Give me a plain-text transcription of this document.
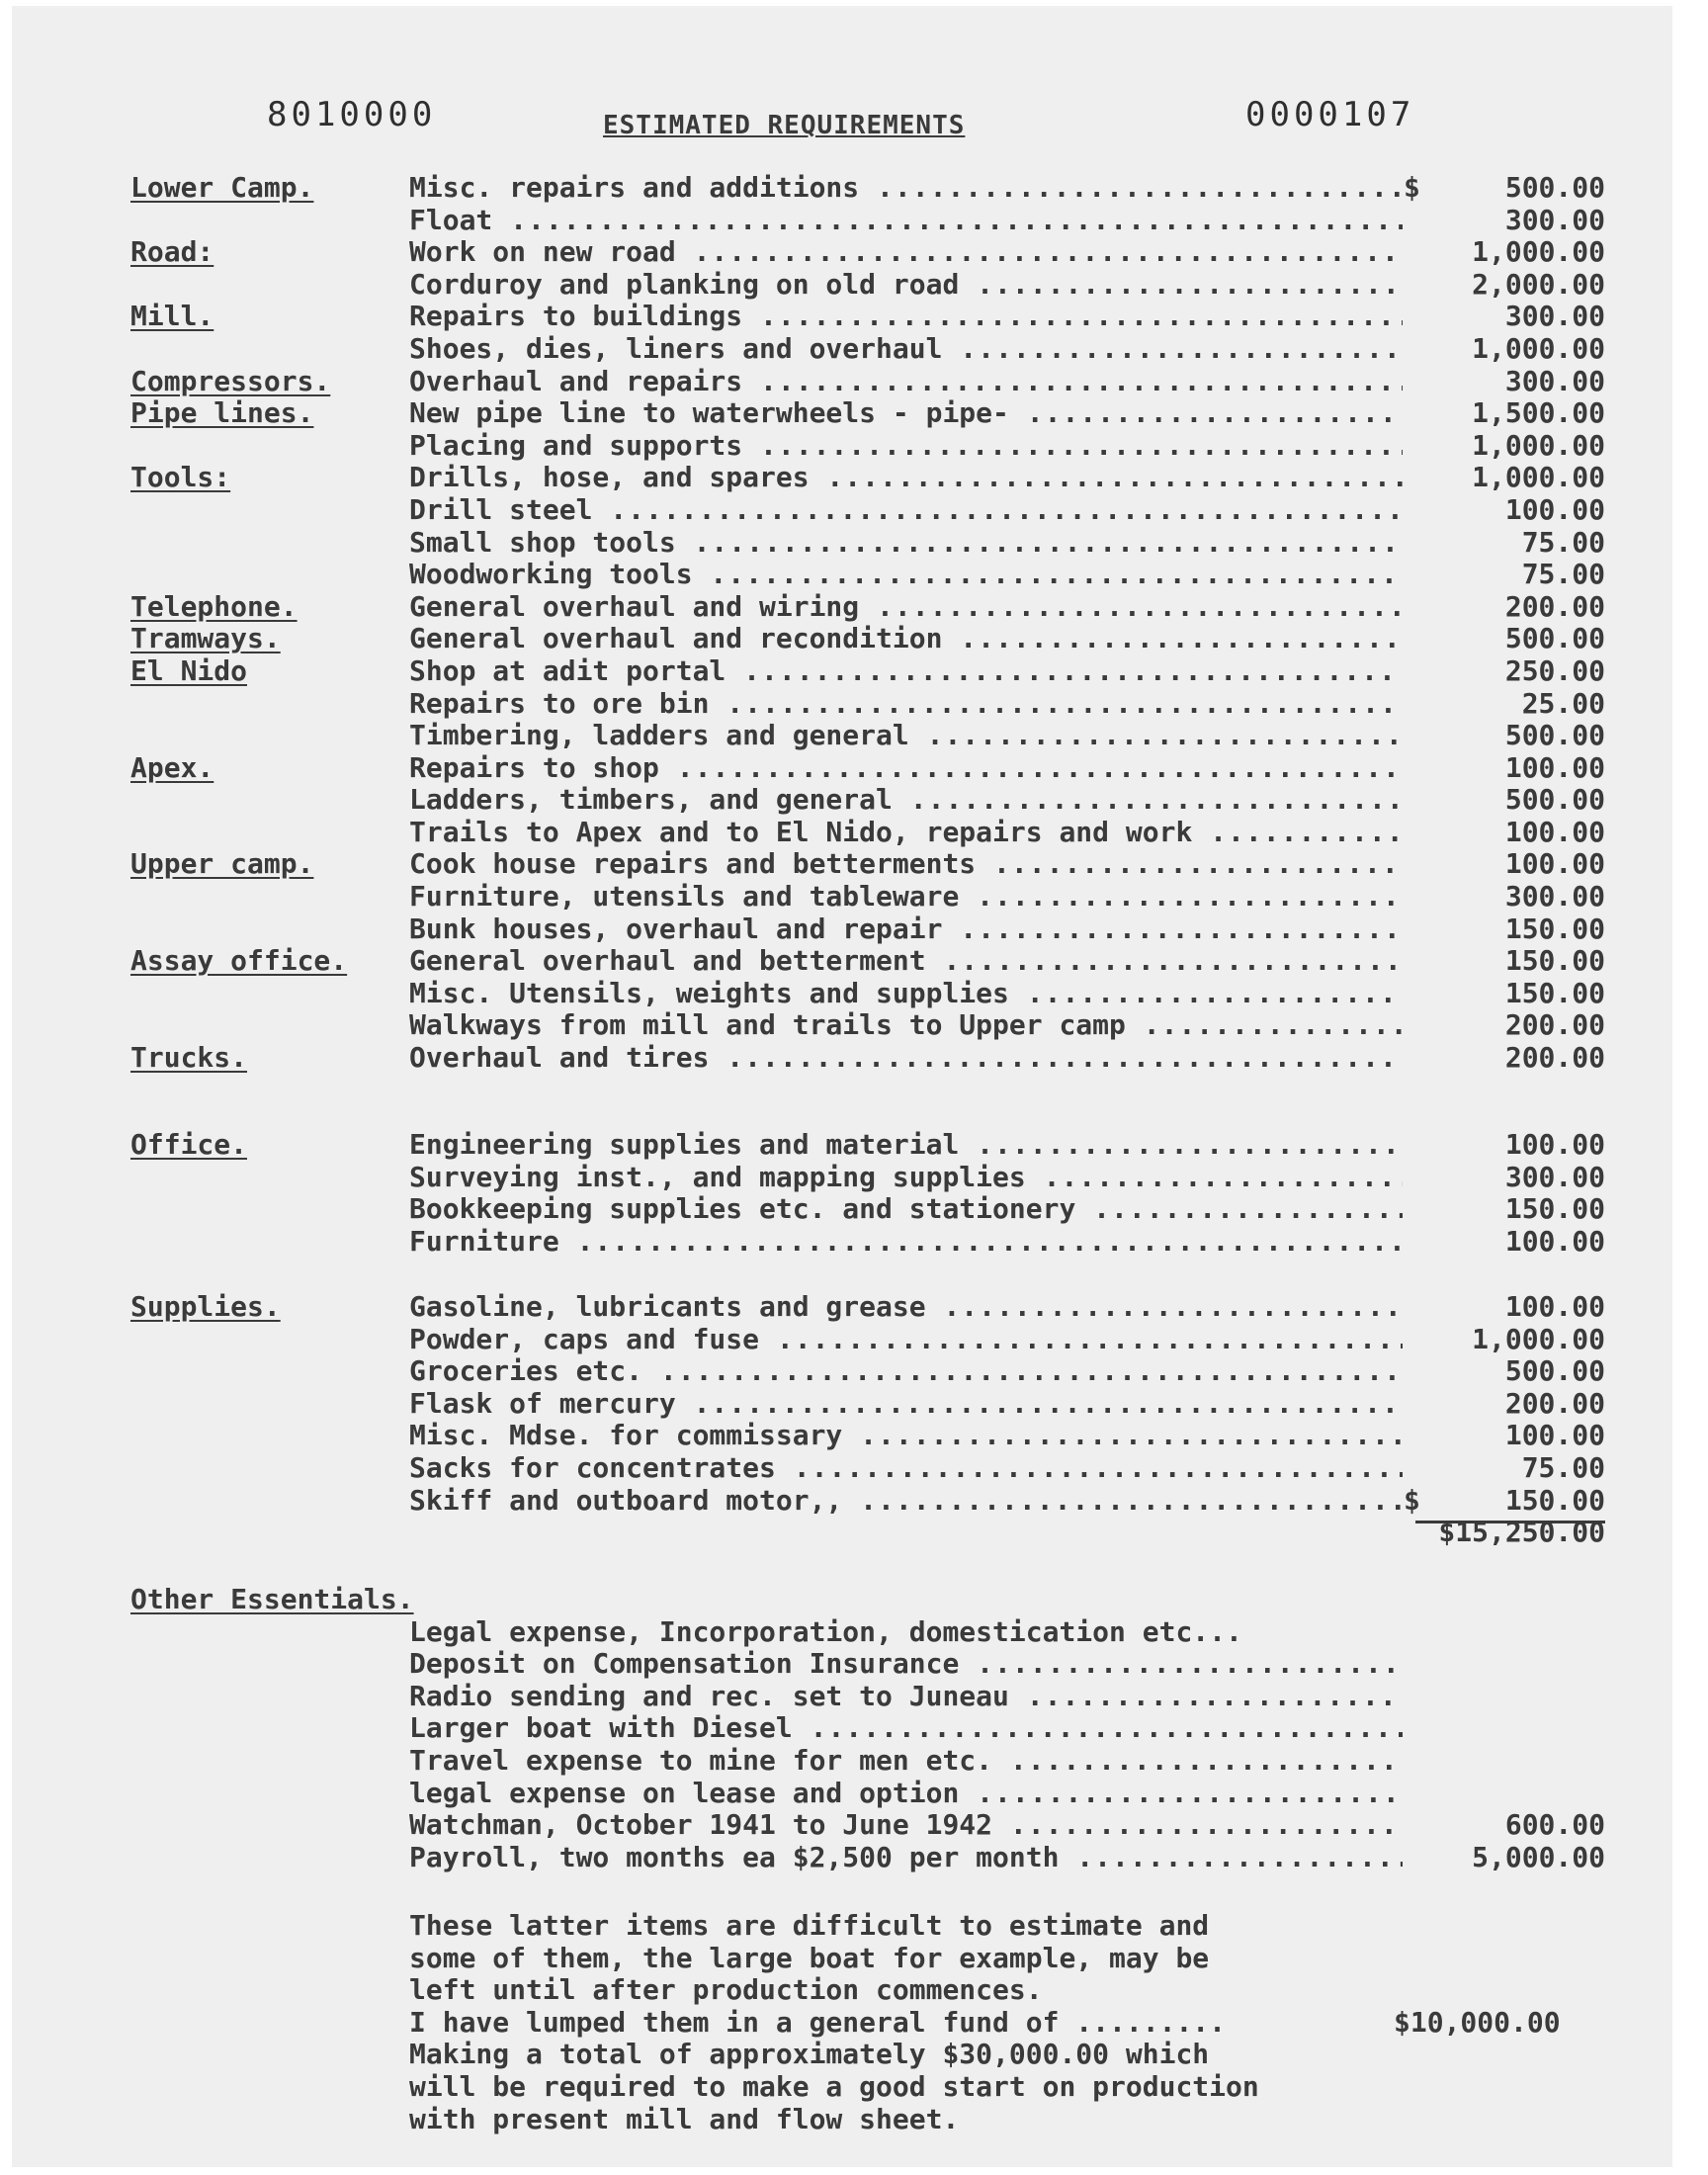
8010000	ESTIMATED REQUIREMENTS	0000107
Lower Camp.	Misc. repairs and additions .....	$	500.00
Float .....	300.00
Road:	Work on new road .....	1,000.00
Corduroy and planking on old road .....	2,000.00
Mill.	Repairs to buildings .....	300.00
Shoes, dies, liners and overhaul .....	1,000.00
Compressors.	Overhaul and repairs .....	300.00
Pipe lines.	New pipe line to waterwheels - pipe- .....	1,500.00
Placing and supports .....	1,000.00
Tools:	Drills, hose, and spares .....	1,000.00
Drill steel .....	100.00
Small shop tools .....	75.00
Woodworking tools .....	75.00
Telephone.	General overhaul and wiring .....	200.00
Tramways.	General overhaul and recondition .....	500.00
El Nido	Shop at adit portal .....	250.00
Repairs to ore bin .....	25.00
Timbering, ladders and general .....	500.00
Apex.	Repairs to shop .....	100.00
Ladders, timbers, and general .....	500.00
Trails to Apex and to El Nido, repairs and work .....	100.00
Upper camp.	Cook house repairs and betterments .....	100.00
Furniture, utensils and tableware .....	300.00
Bunk houses, overhaul and repair .....	150.00
Assay office. General overhaul and betterment .....	150.00
Misc. Utensils, weights and supplies .....	150.00
Walkways from mill and trails to Upper camp .....	200.00
Trucks.	Overhaul and tires .....	200.00
Office.	Engineering supplies and material .....	100.00
Surveying inst., and mapping supplies .....	300.00
Bookkeeping supplies etc. and stationery .....	150.00
Furniture .....	100.00
Supplies.	Gasoline, lubricants and grease .....	100.00
Powder, caps and fuse .....	1,000.00
Groceries etc. .....	500.00
Flask of mercury .....	200.00
Misc. Mdse. for commissary .....	100.00
Sacks for concentrates .....	75.00
Skiff and outboard motor,, .....	$	150.00
$15,250.00
Other Essentials.
Legal expense, Incorporation, domestication etc...
Deposit on Compensation Insurance .....
Radio sending and rec. set to Juneau .....
Larger boat with Diesel .....
Travel expense to mine for men etc. .....
legal expense on lease and option .....
Watchman, October 1941 to June 1942 .....	600.00
Payroll, two months ea $2,500 per month .....	5,000.00
These latter items are difficult to estimate and
some of them, the large boat for example, may be
left until after production commences.
I have lumped them in a general fund of .........	$10,000.00
Making a total of approximately $30,000.00 which
will be required to make a good start on production
with present mill and flow sheet.
